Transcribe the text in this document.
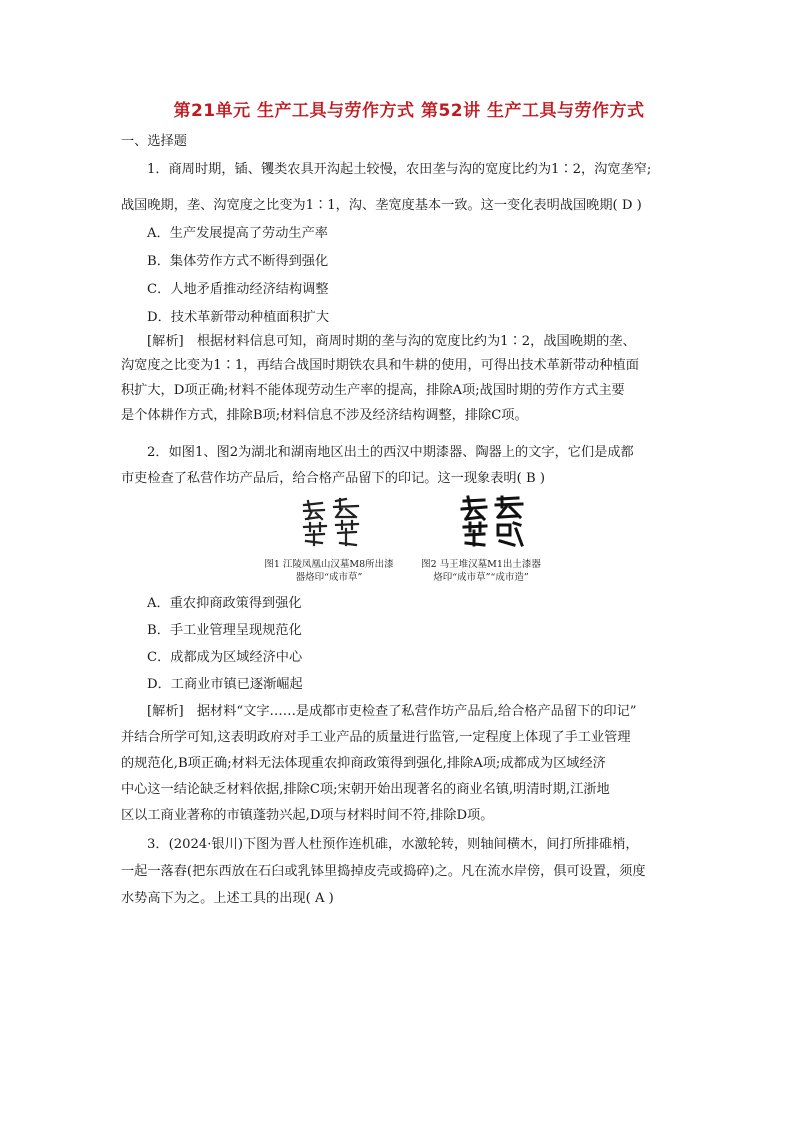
第21单元 生产工具与劳作方式 第52讲 生产工具与劳作方式
一、选择题
1．商周时期，锸、䦆类农具开沟起土较慢，农田垄与沟的宽度比约为1∶2，沟宽垄窄;
战国晚期，垄、沟宽度之比变为1∶1，沟、垄宽度基本一致。这一变化表明战国晚期( D )
A．生产发展提高了劳动生产率
B．集体劳作方式不断得到强化
C．人地矛盾推动经济结构调整
D．技术革新带动种植面积扩大
[解析]　根据材料信息可知，商周时期的垄与沟的宽度比约为1∶2，战国晚期的垄、
沟宽度之比变为1∶1，再结合战国时期铁农具和牛耕的使用，可得出技术革新带动种植面
积扩大，D项正确;材料不能体现劳动生产率的提高，排除A项;战国时期的劳作方式主要
是个体耕作方式，排除B项;材料信息不涉及经济结构调整，排除C项。
2．如图1、图2为湖北和湖南地区出土的西汉中期漆器、陶器上的文字，它们是成都
市吏检查了私营作坊产品后，给合格产品留下的印记。这一现象表明( B )
图1 江陵凤凰山汉墓M8所出漆
器烙印“成市草”
图2 马王堆汉墓M1出土漆器
烙印“成市草”“成市造”
A．重农抑商政策得到强化
B．手工业管理呈现规范化
C．成都成为区域经济中心
D．工商业市镇已逐渐崛起
[解析]　据材料“文字……是成都市吏检查了私营作坊产品后,给合格产品留下的印记”
并结合所学可知,这表明政府对手工业产品的质量进行监管,一定程度上体现了手工业管理
的规范化,B项正确;材料无法体现重农抑商政策得到强化,排除A项;成都成为区域经济
中心这一结论缺乏材料依据,排除C项;宋朝开始出现著名的商业名镇,明清时期,江浙地
区以工商业著称的市镇蓬勃兴起,D项与材料时间不符,排除D项。
3．(2024·银川)下图为晋人杜预作连机碓，水激轮转，则轴间横木，间打所排碓梢，
一起一落舂(把东西放在石臼或乳钵里捣掉皮壳或捣碎)之。凡在流水岸傍，俱可设置，须度
水势高下为之。上述工具的出现( A )
